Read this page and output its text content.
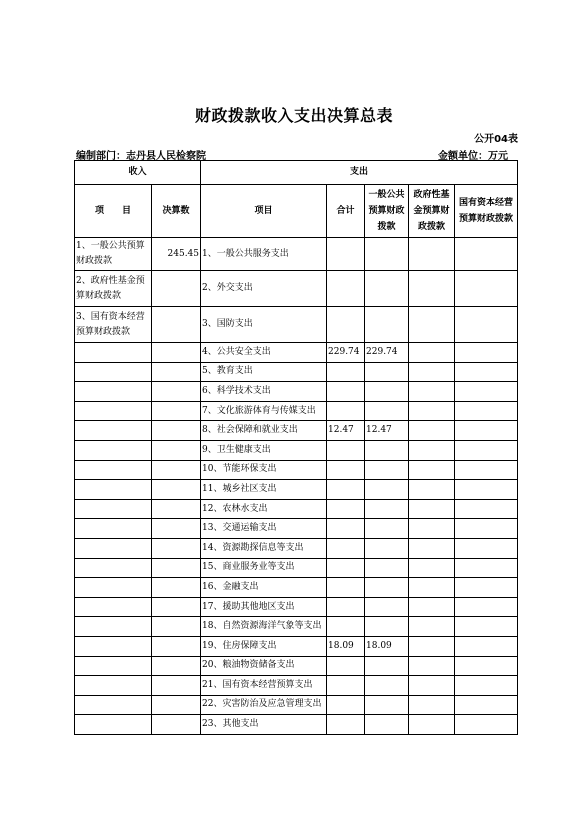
财政拨款收入支出决算总表
公开04表
编制部门：志丹县人民检察院	金额单位：万元
收入		支出				
项　　目	决算数	项目	合计	一般公共预算财政拨款	政府性基金预算财政拨款	国有资本经营预算财政拨款
1、一般公共预算财政拨款	245.45	1、一般公共服务支出				
2、政府性基金预算财政拨款		2、外交支出				
3、国有资本经营预算财政拨款		3、国防支出				
		4、公共安全支出	229.74	229.74		
		5、教育支出				
		6、科学技术支出				
		7、文化旅游体育与传媒支出				
		8、社会保障和就业支出	12.47	12.47		
		9、卫生健康支出				
		10、节能环保支出				
		11、城乡社区支出				
		12、农林水支出				
		13、交通运输支出				
		14、资源勘探信息等支出				
		15、商业服务业等支出				
		16、金融支出				
		17、援助其他地区支出				
		18、自然资源海洋气象等支出				
		19、住房保障支出	18.09	18.09		
		20、粮油物资储备支出				
		21、国有资本经营预算支出				
		22、灾害防治及应急管理支出				
		23、其他支出				
